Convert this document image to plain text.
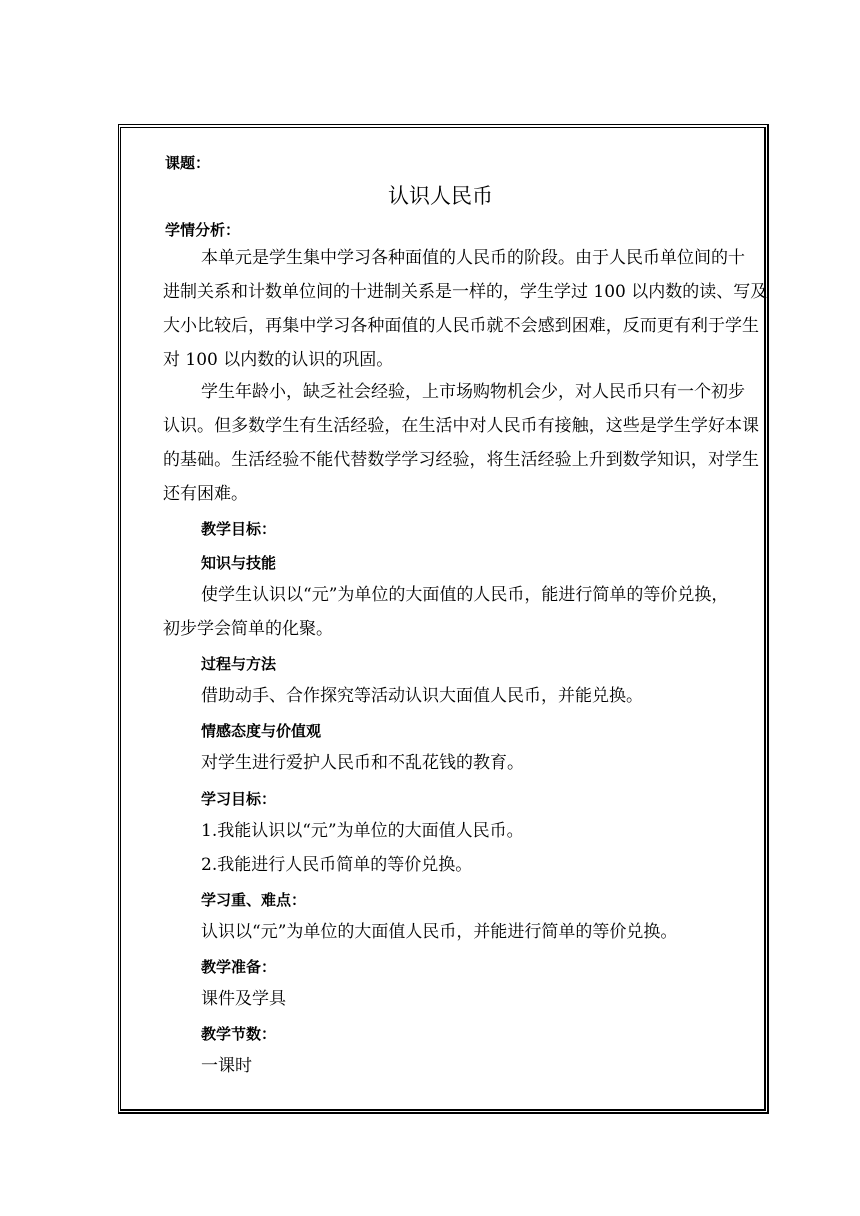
课题：
认识人民币
学情分析：
本单元是学生集中学习各种面值的人民币的阶段。由于人民币单位间的十
进制关系和计数单位间的十进制关系是一样的，学生学过 100 以内数的读、写及
大小比较后，再集中学习各种面值的人民币就不会感到困难，反而更有利于学生
对 100 以内数的认识的巩固。
学生年龄小，缺乏社会经验，上市场购物机会少，对人民币只有一个初步
认识。但多数学生有生活经验，在生活中对人民币有接触，这些是学生学好本课
的基础。生活经验不能代替数学学习经验，将生活经验上升到数学知识，对学生
还有困难。
教学目标：
知识与技能
使学生认识以“元”为单位的大面值的人民币，能进行简单的等价兑换，
初步学会简单的化聚。
过程与方法
借助动手、合作探究等活动认识大面值人民币，并能兑换。
情感态度与价值观
对学生进行爱护人民币和不乱花钱的教育。
学习目标：
1.我能认识以“元”为单位的大面值人民币。
2.我能进行人民币简单的等价兑换。
学习重、难点：
认识以“元”为单位的大面值人民币，并能进行简单的等价兑换。
教学准备：
课件及学具
教学节数：
一课时
